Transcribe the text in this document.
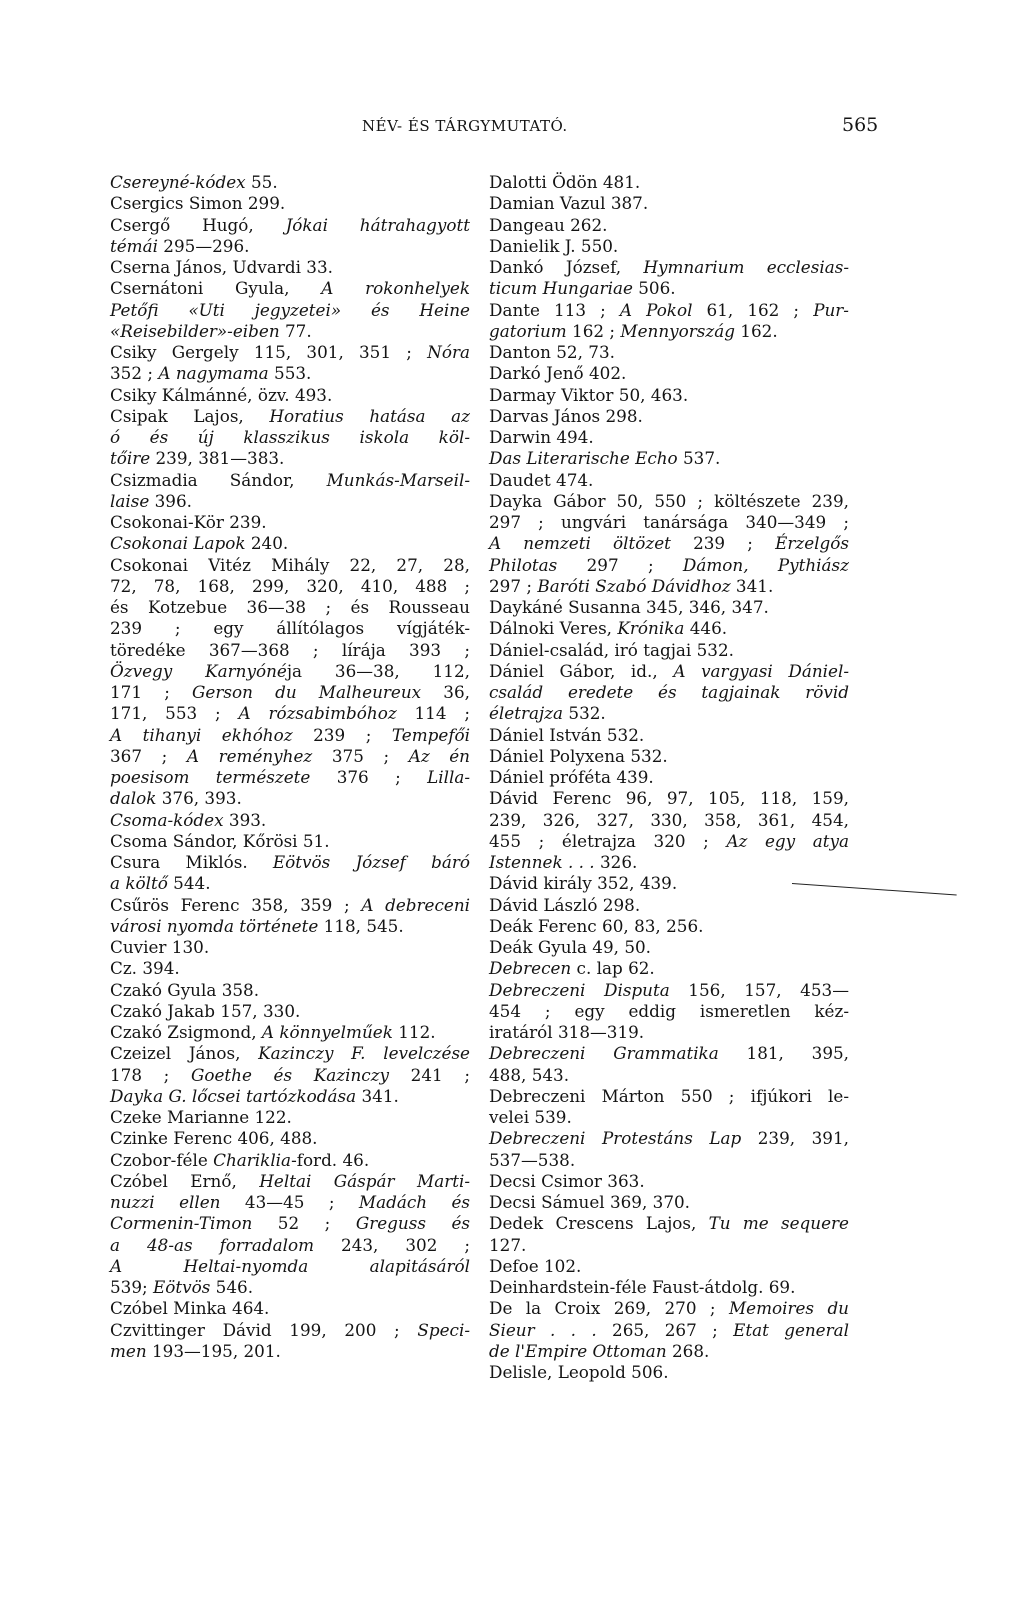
NÉV- ÉS TÁRGYMUTATÓ.	565
Csereyné-kódex 55.
Csergics Simon 299.
Csergő Hugó, Jókai hátrahagyott
témái 295—296.
Cserna János, Udvardi 33.
Csernátoni Gyula, A rokonhelyek
Petőfi «Uti jegyzetei» és Heine
«Reisebilder»-eiben 77.
Csiky Gergely 115, 301, 351 ; Nóra
352 ; A nagymama 553.
Csiky Kálmánné, özv. 493.
Csipak Lajos, Horatius hatása az
ó és új klasszikus iskola köl-
tőire 239, 381—383.
Csizmadia Sándor, Munkás-Marseil-
laise 396.
Csokonai-Kör 239.
Csokonai Lapok 240.
Csokonai Vitéz Mihály 22, 27, 28,
72, 78, 168, 299, 320, 410, 488 ;
és Kotzebue 36—38 ; és Rousseau
239 ; egy állítólagos vígjáték-
töredéke 367—368 ; lírája 393 ;
Özvegy Karnyónéja 36—38, 112,
171 ; Gerson du Malheureux 36,
171, 553 ; A rózsabimbóhoz 114 ;
A tihanyi ekhóhoz 239 ; Tempefői
367 ; A reményhez 375 ; Az én
poesisom természete 376 ; Lilla-
dalok 376, 393.
Csoma-kódex 393.
Csoma Sándor, Kőrösi 51.
Csura Miklós. Eötvös József báró
a költő 544.
Csűrös Ferenc 358, 359 ; A debreceni
városi nyomda története 118, 545.
Cuvier 130.
Cz. 394.
Czakó Gyula 358.
Czakó Jakab 157, 330.
Czakó Zsigmond, A könnyelműek 112.
Czeizel János, Kazinczy F. levelczése
178 ; Goethe és Kazinczy 241 ;
Dayka G. lőcsei tartózkodása 341.
Czeke Marianne 122.
Czinke Ferenc 406, 488.
Czobor-féle Chariklia-ford. 46.
Czóbel Ernő, Heltai Gáspár Marti-
nuzzi ellen 43—45 ; Madách és
Cormenin-Timon 52 ; Greguss és
a 48-as forradalom 243, 302 ;
A Heltai-nyomda alapitásáról
539; Eötvös 546.
Czóbel Minka 464.
Czvittinger Dávid 199, 200 ; Speci-
men 193—195, 201.
Dalotti Ödön 481.
Damian Vazul 387.
Dangeau 262.
Danielik J. 550.
Dankó József, Hymnarium ecclesias-
ticum Hungariae 506.
Dante 113 ; A Pokol 61, 162 ; Pur-
gatorium 162 ; Mennyország 162.
Danton 52, 73.
Darkó Jenő 402.
Darmay Viktor 50, 463.
Darvas János 298.
Darwin 494.
Das Literarische Echo 537.
Daudet 474.
Dayka Gábor 50, 550 ; költészete 239,
297 ; ungvári tanársága 340—349 ;
A nemzeti öltözet 239 ; Érzelgős
Philotas 297 ; Dámon, Pythiász
297 ; Baróti Szabó Dávidhoz 341.
Daykáné Susanna 345, 346, 347.
Dálnoki Veres, Krónika 446.
Dániel-család, iró tagjai 532.
Dániel Gábor, id., A vargyasi Dániel-
család eredete és tagjainak rövid
életrajza 532.
Dániel István 532.
Dániel Polyxena 532.
Dániel próféta 439.
Dávid Ferenc 96, 97, 105, 118, 159,
239, 326, 327, 330, 358, 361, 454,
455 ; életrajza 320 ; Az egy atya
Istennek . . . 326.
Dávid király 352, 439.
Dávid László 298.
Deák Ferenc 60, 83, 256.
Deák Gyula 49, 50.
Debrecen c. lap 62.
Debreczeni Disputa 156, 157, 453—
454 ; egy eddig ismeretlen kéz-
iratáról 318—319.
Debreczeni Grammatika 181, 395,
488, 543.
Debreczeni Márton 550 ; ifjúkori le-
velei 539.
Debreczeni Protestáns Lap 239, 391,
537—538.
Decsi Csimor 363.
Decsi Sámuel 369, 370.
Dedek Crescens Lajos, Tu me sequere
127.
Defoe 102.
Deinhardstein-féle Faust-átdolg. 69.
De la Croix 269, 270 ; Memoires du
Sieur . . . 265, 267 ; Etat general
de l'Empire Ottoman 268.
Delisle, Leopold 506.
